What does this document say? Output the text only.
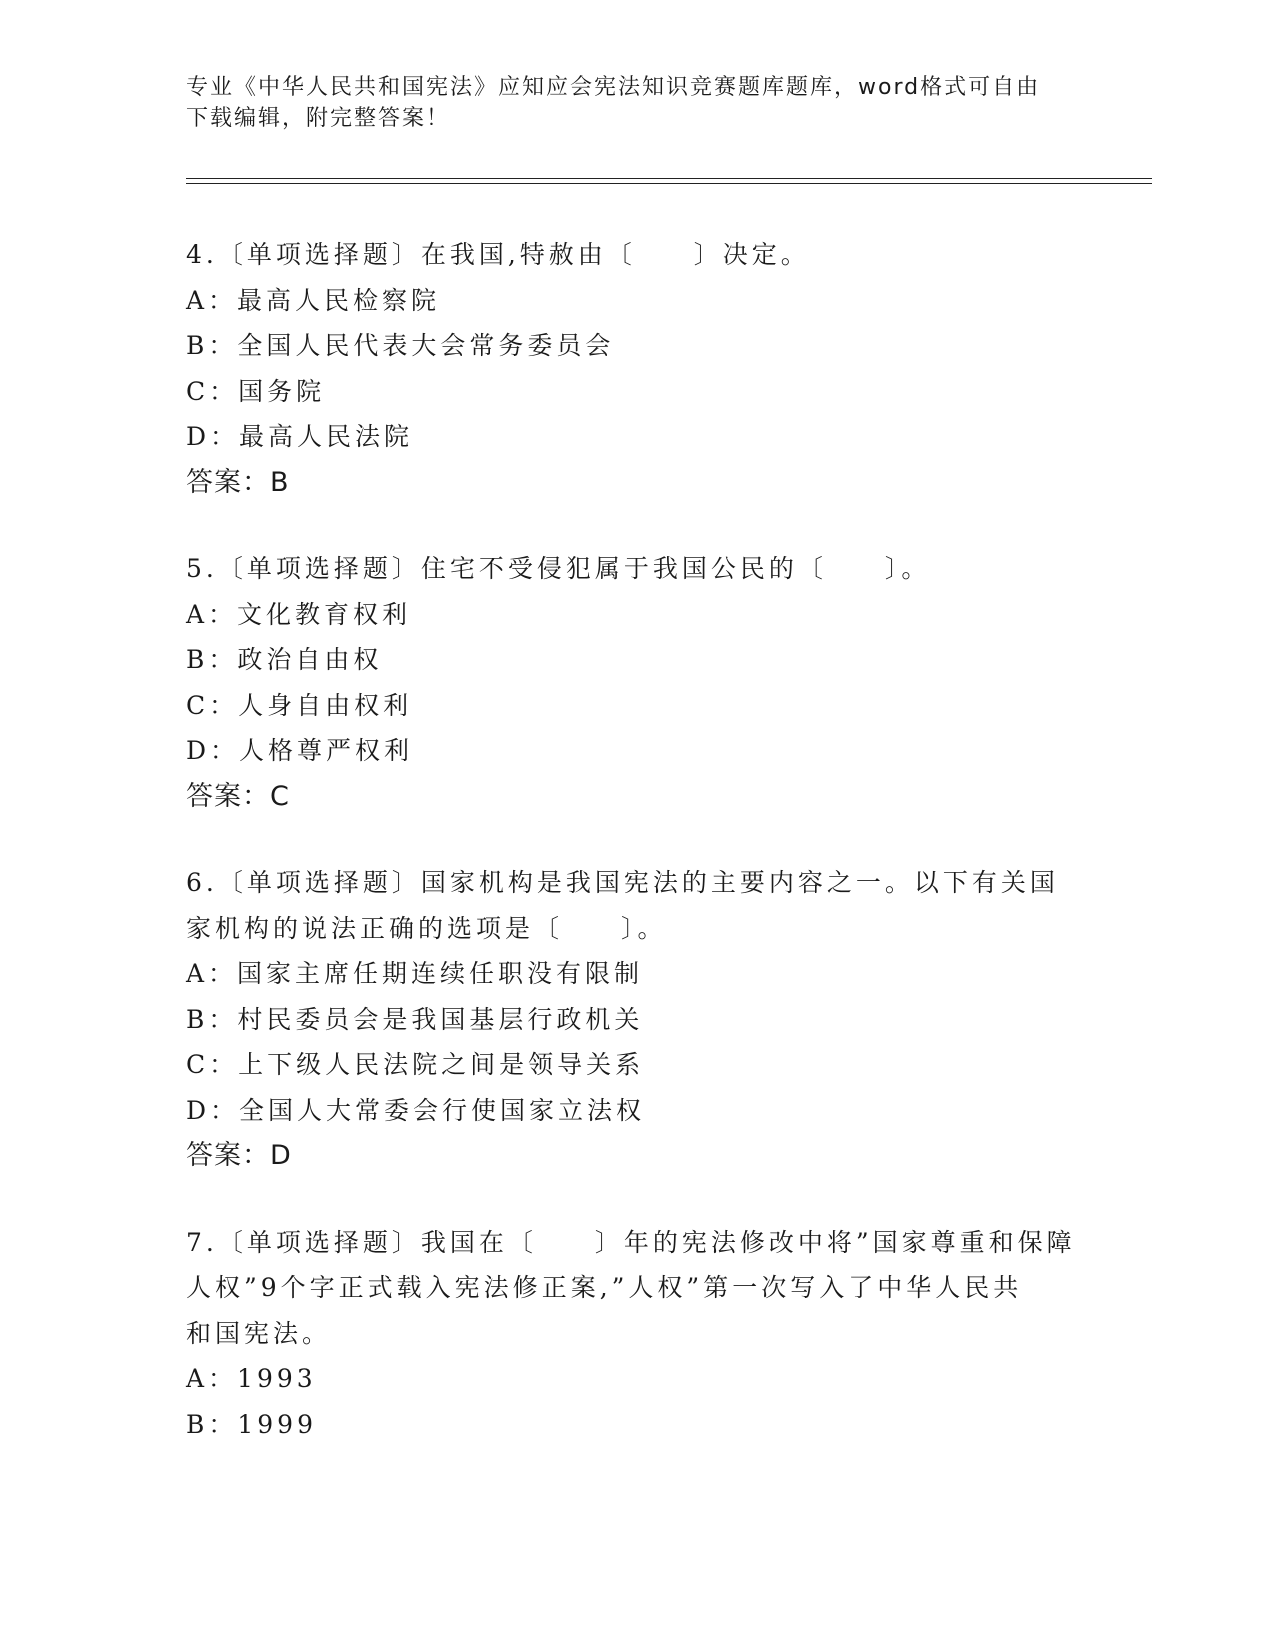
专业《中华人民共和国宪法》应知应会宪法知识竞赛题库题库，word格式可自由
下载编辑，附完整答案！
4.〔单项选择题〕在我国,特赦由〔　　〕决定。
A：最高人民检察院
B：全国人民代表大会常务委员会
C：国务院
D：最高人民法院
答案：B
5.〔单项选择题〕住宅不受侵犯属于我国公民的〔　　〕。
A：文化教育权利
B：政治自由权
C：人身自由权利
D：人格尊严权利
答案：C
6.〔单项选择题〕国家机构是我国宪法的主要内容之一。以下有关国
家机构的说法正确的选项是〔　　〕。
A：国家主席任期连续任职没有限制
B：村民委员会是我国基层行政机关
C：上下级人民法院之间是领导关系
D：全国人大常委会行使国家立法权
答案：D
7.〔单项选择题〕我国在〔　　〕年的宪法修改中将”国家尊重和保障
人权”9个字正式载入宪法修正案,”人权”第一次写入了中华人民共
和国宪法。
A：1993
B：1999
